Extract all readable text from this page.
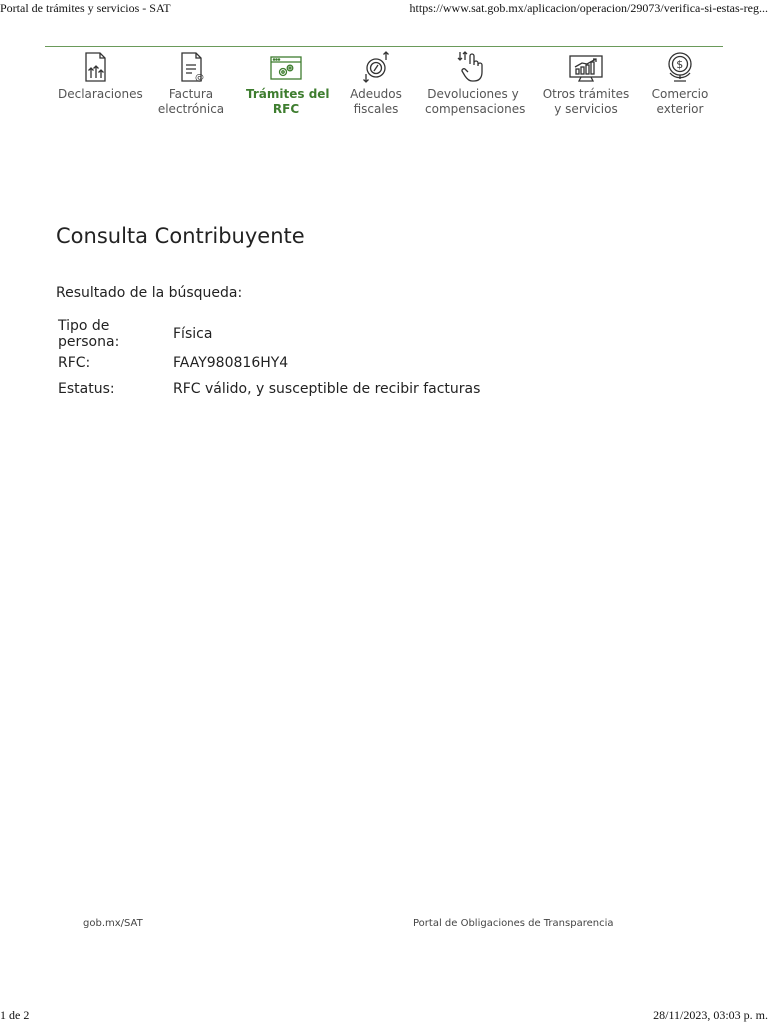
Portal de trámites y servicios - SAT	https://www.sat.gob.mx/aplicacion/operacion/29073/verifica-si-estas-reg...
Declaraciones
@
Factura
electrónica
Trámites del
RFC
Adeudos
fiscales
Devoluciones y
compensaciones
Otros trámites
y servicios
$
Comercio
exterior
Consulta Contribuyente
Resultado de la búsqueda:
Tipo de persona:	Física
RFC:	FAAY980816HY4
Estatus:	RFC válido, y susceptible de recibir facturas
gob.mx/SAT	Portal de Obligaciones de Transparencia
1 de 2	28/11/2023, 03:03 p. m.
